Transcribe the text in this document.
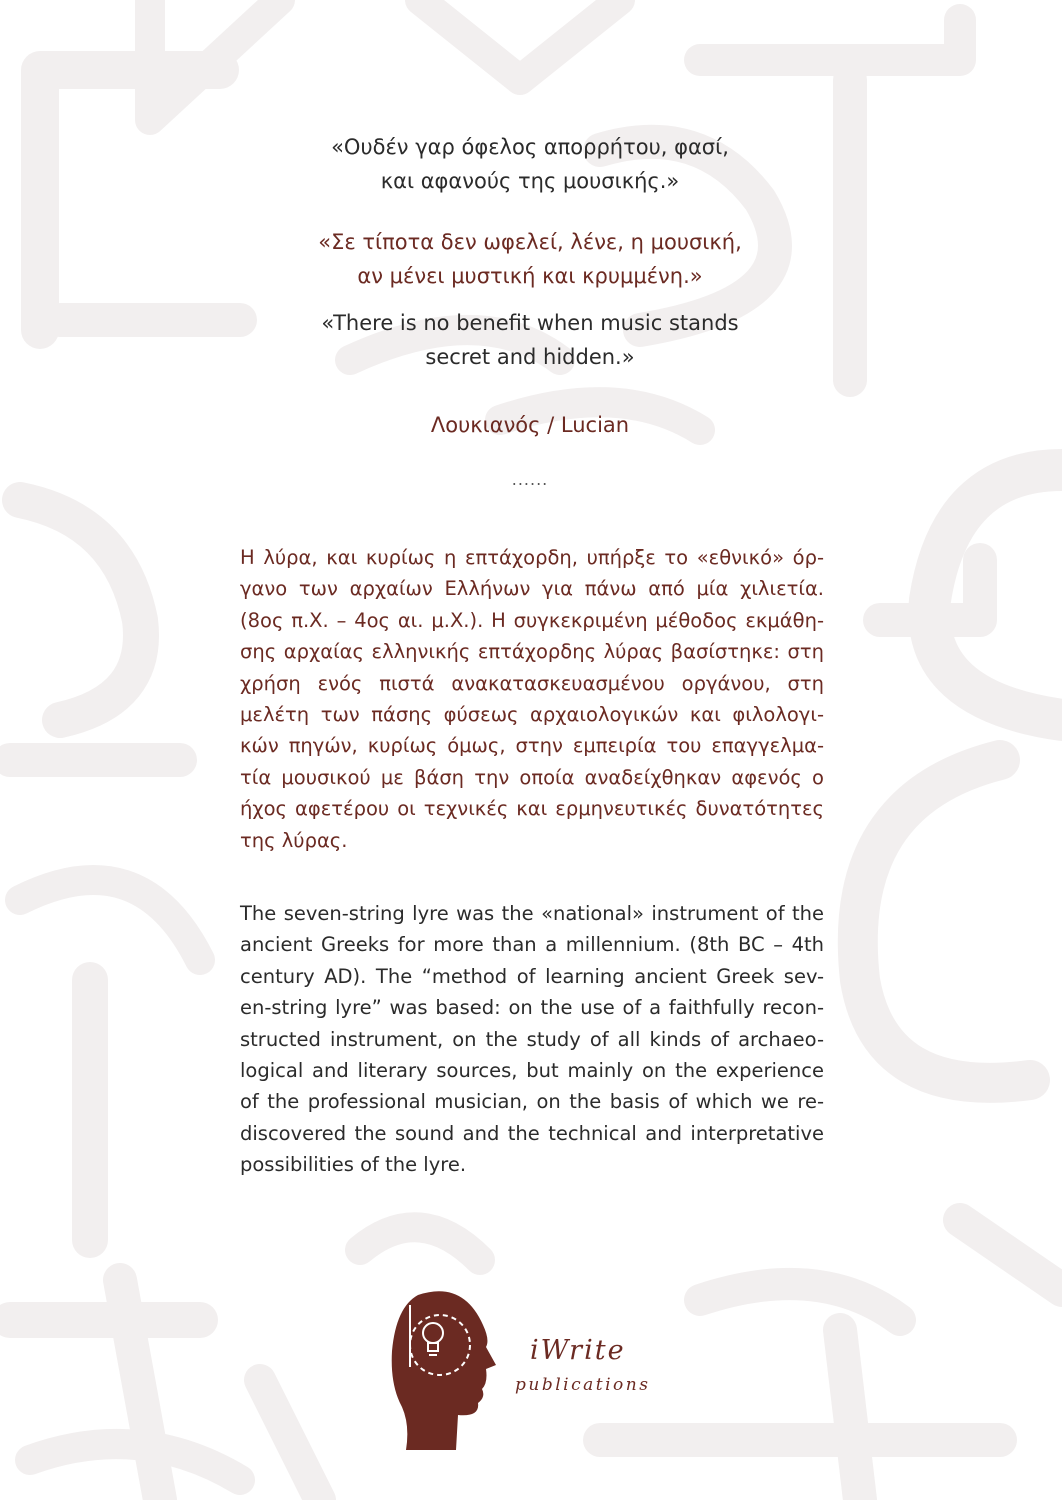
«Ουδέν γαρ όφελος απορρήτου, φασί,
και αφανούς της μουσικής.»
«Σε τίποτα δεν ωφελεί, λένε, η μουσική,
αν μένει μυστική και κρυμμένη.»
«There is no benefit when music stands
secret and hidden.»
Λουκιανός / Lucian
......
Η λύρα, και κυρίως η επτάχορδη, υπήρξε το «εθνικό» όρ-
γανο των αρχαίων Ελλήνων για πάνω από μία χιλιετία.
(8ος π.Χ. – 4ος αι. μ.Χ.). Η συγκεκριμένη μέθοδος εκμάθη-
σης αρχαίας ελληνικής επτάχορδης λύρας βασίστηκε: στη
χρήση ενός πιστά ανακατασκευασμένου οργάνου, στη
μελέτη των πάσης φύσεως αρχαιολογικών και φιλολογι-
κών πηγών, κυρίως όμως, στην εμπειρία του επαγγελμα-
τία μουσικού με βάση την οποία αναδείχθηκαν αφενός ο
ήχος αφετέρου οι τεχνικές και ερμηνευτικές δυνατότητες
της λύρας.
The seven-string lyre was the «national» instrument of the
ancient Greeks for more than a millennium. (8th BC – 4th
century AD). The “method of learning ancient Greek sev-
en-string lyre” was based: on the use of a faithfully recon-
structed instrument, on the study of all kinds of archaeo-
logical and literary sources, but mainly on the experience
of the professional musician, on the basis of which we re-
discovered the sound and the technical and interpretative
possibilities of the lyre.
iWrite
publications
